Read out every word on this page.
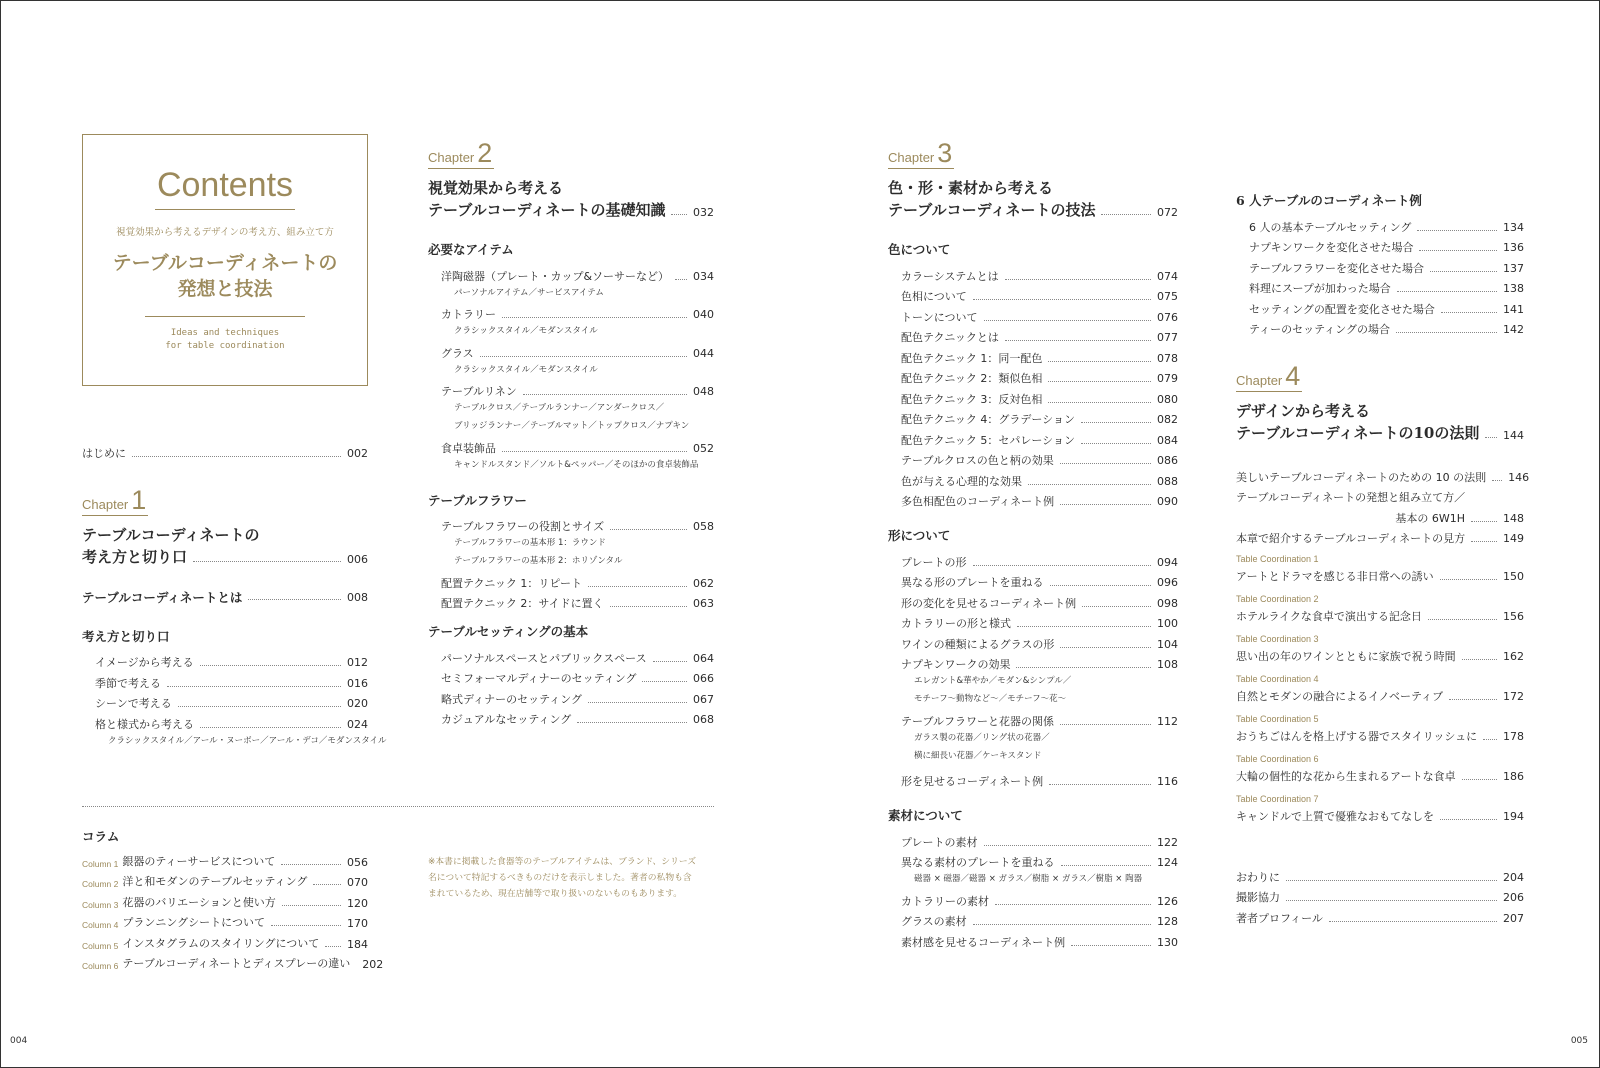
Contents
視覚効果から考えるデザインの考え方、組み立て方
テーブルコーディネートの
発想と技法
Ideas and techniques
for table coordination
はじめに	002
Chapter 1
テーブルコーディネートの
考え方と切り口	006
テーブルコーディネートとは	008
考え方と切り口
イメージから考える	012
季節で考える	016
シーンで考える	020
格と様式から考える	024
クラシックスタイル／アール・ヌーボー／アール・デコ／モダンスタイル
Chapter 2
視覚効果から考える
テーブルコーディネートの基礎知識	032
必要なアイテム
洋陶磁器（プレート・カップ&ソーサーなど） 034
パーソナルアイテム／サービスアイテム
カトラリー	040
クラシックスタイル／モダンスタイル
グラス	044
クラシックスタイル／モダンスタイル
テーブルリネン	048
テーブルクロス／テーブルランナー／アンダークロス／
ブリッジランナー／テーブルマット／トップクロス／ナプキン
食卓装飾品	052
キャンドルスタンド／ソルト&ペッパー／そのほかの食卓装飾品
テーブルフラワー
テーブルフラワーの役割とサイズ	058
テーブルフラワーの基本形 1：ラウンド
テーブルフラワーの基本形 2：ホリゾンタル
配置テクニック 1：リピート	062
配置テクニック 2：サイドに置く	063
テーブルセッティングの基本
パーソナルスペースとパブリックスペース	064
セミフォーマルディナーのセッティング	066
略式ディナーのセッティング	067
カジュアルなセッティング	068
コラム
Column 1 銀器のティーサービスについて	056
Column 2 洋と和モダンのテーブルセッティング	070
Column 3 花器のバリエーションと使い方	120
Column 4 プランニングシートについて	170
Column 5 インスタグラムのスタイリングについて	184
Column 6 テーブルコーディネートとディスプレーの違い 202
※本書に掲載した食器等のテーブルアイテムは、ブランド、シリーズ
名について特記するべきものだけを表示しました。著者の私物も含
まれているため、現在店舗等で取り扱いのないものもあります。
Chapter 3
色・形・素材から考える
テーブルコーディネートの技法	072
色について
カラーシステムとは	074
色相について	075
トーンについて	076
配色テクニックとは	077
配色テクニック 1：同一配色	078
配色テクニック 2：類似色相	079
配色テクニック 3：反対色相	080
配色テクニック 4：グラデーション	082
配色テクニック 5：セパレーション	084
テーブルクロスの色と柄の効果	086
色が与える心理的な効果	088
多色相配色のコーディネート例	090
形について
プレートの形	094
異なる形のプレートを重ねる	096
形の変化を見せるコーディネート例	098
カトラリーの形と様式	100
ワインの種類によるグラスの形	104
ナプキンワークの効果	108
エレガント&華やか／モダン&シンプル／
モチーフ〜動物など〜／モチーフ〜花〜
テーブルフラワーと花器の関係	112
ガラス製の花器／リング状の花器／
横に細長い花器／ケーキスタンド
形を見せるコーディネート例	116
素材について
プレートの素材	122
異なる素材のプレートを重ねる	124
磁器 × 磁器／磁器 × ガラス／樹脂 × ガラス／樹脂 × 陶器
カトラリーの素材	126
グラスの素材	128
素材感を見せるコーディネート例	130
6 人テーブルのコーディネート例
6 人の基本テーブルセッティング	134
ナプキンワークを変化させた場合	136
テーブルフラワーを変化させた場合	137
料理にスープが加わった場合	138
セッティングの配置を変化させた場合	141
ティーのセッティングの場合	142
Chapter 4
デザインから考える
テーブルコーディネートの10の法則 144
美しいテーブルコーディネートのための 10 の法則 146
テーブルコーディネートの発想と組み立て方／
基本の 6W1H	148
本章で紹介するテーブルコーディネートの見方	149
Table Coordination 1
アートとドラマを感じる非日常への誘い	150
Table Coordination 2
ホテルライクな食卓で演出する記念日	156
Table Coordination 3
思い出の年のワインとともに家族で祝う時間	162
Table Coordination 4
自然とモダンの融合によるイノベーティブ	172
Table Coordination 5
おうちごはんを格上げする器でスタイリッシュに 178
Table Coordination 6
大輪の個性的な花から生まれるアートな食卓	186
Table Coordination 7
キャンドルで上質で優雅なおもてなしを	194
おわりに	204
撮影協力	206
著者プロフィール	207
004	005
